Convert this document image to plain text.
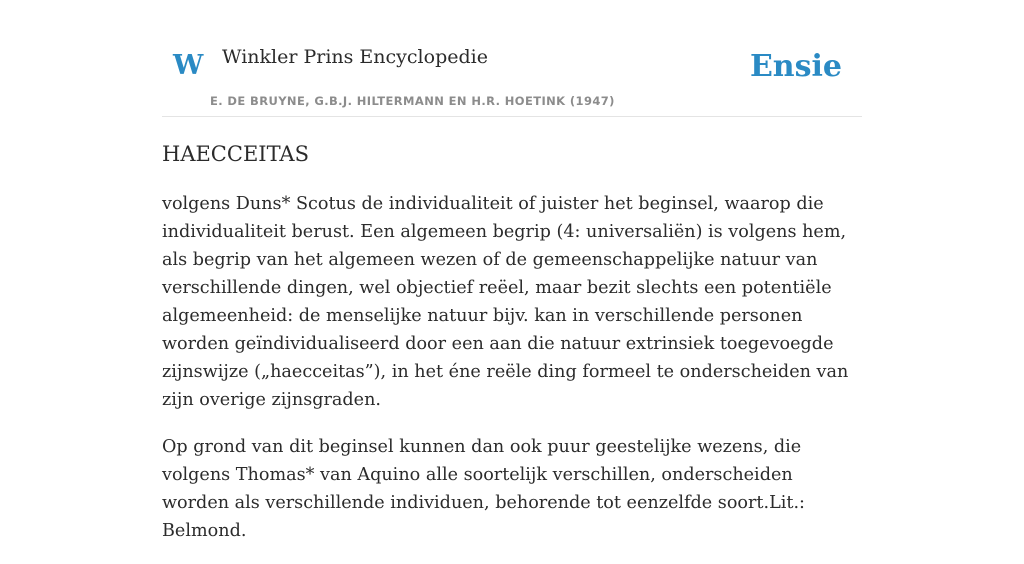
W Winkler Prins Encyclopedie
E. DE BRUYNE, G.B.J. HILTERMANN EN H.R. HOETINK (1947)
Ensie
HAECCEITAS

volgens Duns* Scotus de individualiteit of juister het beginsel, waarop die individualiteit berust. Een algemeen begrip (4: universaliën) is volgens hem, als begrip van het algemeen wezen of de gemeenschappelijke natuur van verschillende dingen, wel objectief reëel, maar bezit slechts een potentiële algemeenheid: de menselijke natuur bijv. kan in verschillende personen worden geïndividualiseerd door een aan die natuur extrinsiek toegevoegde zijnswijze („haecceitas”), in het éne reële ding formeel te onderscheiden van zijn overige zijnsgraden.

Op grond van dit beginsel kunnen dan ook puur geestelijke wezens, die volgens Thomas* van Aquino alle soortelijk verschillen, onderscheiden worden als verschillende individuen, behorende tot eenzelfde soort.Lit.: Belmond.
